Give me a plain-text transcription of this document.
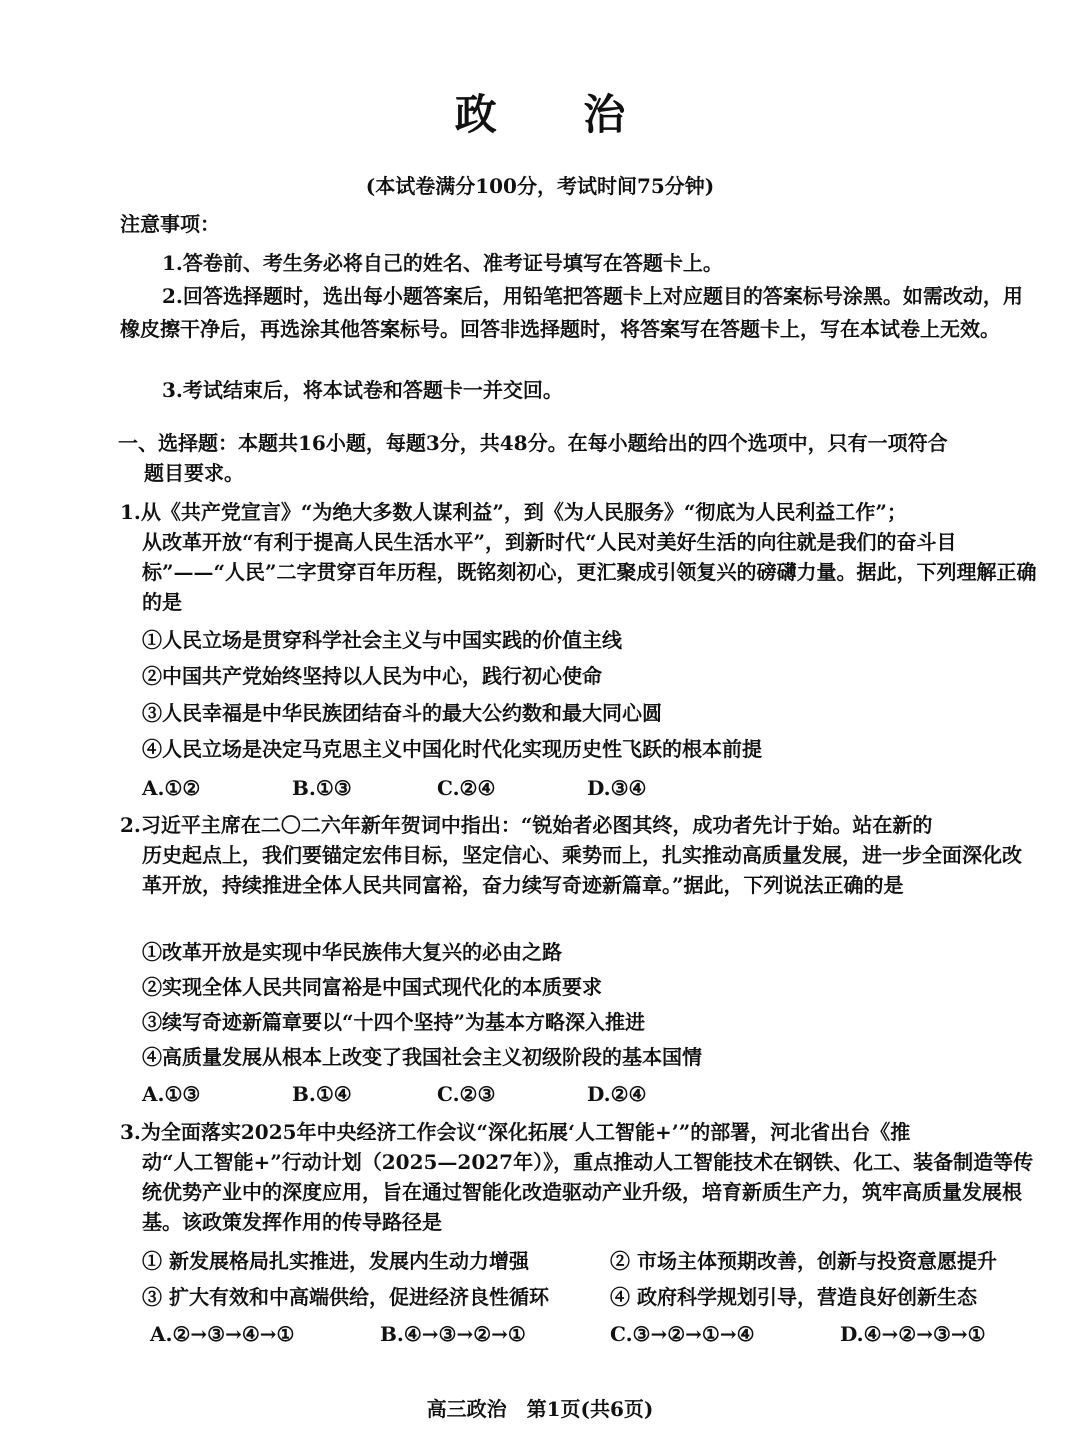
政 治
(本试卷满分100分，考试时间75分钟)
注意事项：
1.答卷前、考生务必将自己的姓名、准考证号填写在答题卡上。
2.回答选择题时，选出每小题答案后，用铅笔把答题卡上对应题目的答案标号涂黑。如需改动，用橡皮擦干净后，再选涂其他答案标号。回答非选择题时，将答案写在答题卡上，写在本试卷上无效。
3.考试结束后，将本试卷和答题卡一并交回。
一、选择题：本题共16小题，每题3分，共48分。在每小题给出的四个选项中，只有一项符合
题目要求。
1.从《共产党宣言》“为绝大多数人谋利益”，到《为人民服务》“彻底为人民利益工作”；
从改革开放“有利于提高人民生活水平”，到新时代“人民对美好生活的向往就是我们的奋斗目标”——“人民”二字贯穿百年历程，既铭刻初心，更汇聚成引领复兴的磅礴力量。据此，下列理解正确的是
①人民立场是贯穿科学社会主义与中国实践的价值主线
②中国共产党始终坚持以人民为中心，践行初心使命
③人民幸福是中华民族团结奋斗的最大公约数和最大同心圆
④人民立场是决定马克思主义中国化时代化实现历史性飞跃的根本前提
A.①②	B.①③	C.②④	D.③④
2.习近平主席在二〇二六年新年贺词中指出：“锐始者必图其终，成功者先计于始。站在新的
历史起点上，我们要锚定宏伟目标，坚定信心、乘势而上，扎实推动高质量发展，进一步全面深化改革开放，持续推进全体人民共同富裕，奋力续写奇迹新篇章。”据此，下列说法正确的是
①改革开放是实现中华民族伟大复兴的必由之路
②实现全体人民共同富裕是中国式现代化的本质要求
③续写奇迹新篇章要以“十四个坚持”为基本方略深入推进
④高质量发展从根本上改变了我国社会主义初级阶段的基本国情
A.①③	B.①④	C.②③	D.②④
3.为全面落实2025年中央经济工作会议“深化拓展‘人工智能+’”的部署，河北省出台《推
动“人工智能+”行动计划（2025—2027年）》，重点推动人工智能技术在钢铁、化工、装备制造等传统优势产业中的深度应用，旨在通过智能化改造驱动产业升级，培育新质生产力，筑牢高质量发展根基。该政策发挥作用的传导路径是
① 新发展格局扎实推进，发展内生动力增强	② 市场主体预期改善，创新与投资意愿提升
③ 扩大有效和中高端供给，促进经济良性循环	④ 政府科学规划引导，营造良好创新生态
A.②→③→④→①	B.④→③→②→①	C.③→②→①→④	D.④→②→③→①
高三政治　第1页(共6页)
